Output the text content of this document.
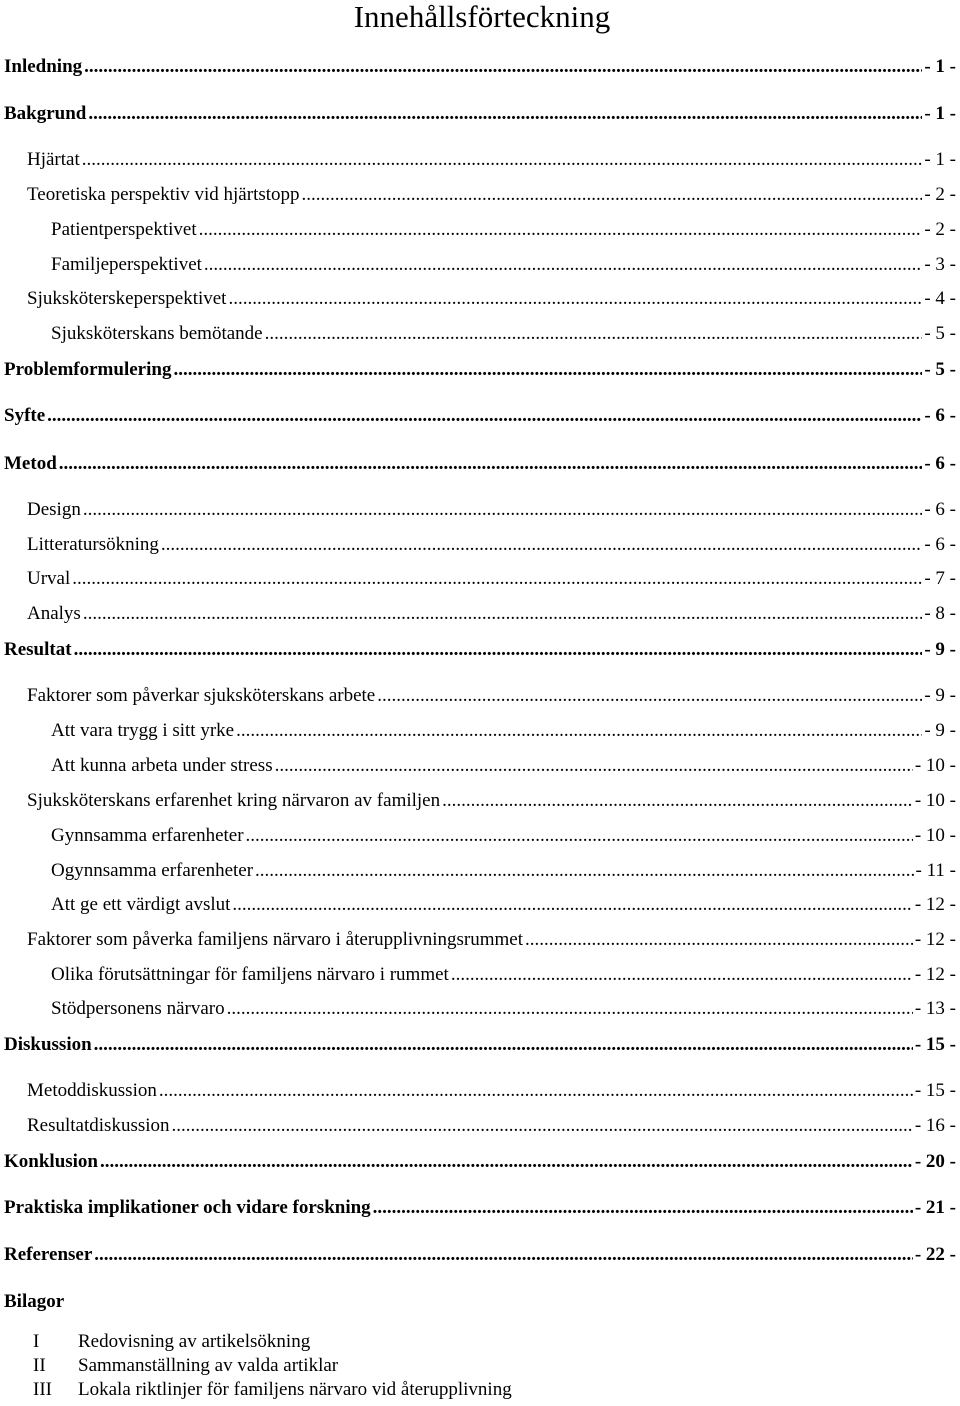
Innehållsförteckning
Inledning .....	- 1 -
Bakgrund .....	- 1 -
Hjärtat .....	- 1 -
Teoretiska perspektiv vid hjärtstopp .....	- 2 -
Patientperspektivet .....	- 2 -
Familjeperspektivet .....	- 3 -
Sjuksköterskeperspektivet .....	- 4 -
Sjuksköterskans bemötande .....	- 5 -
Problemformulering .....	- 5 -
Syfte .....	- 6 -
Metod .....	- 6 -
Design .....	- 6 -
Litteratursökning .....	- 6 -
Urval .....	- 7 -
Analys .....	- 8 -
Resultat .....	- 9 -
Faktorer som påverkar sjuksköterskans arbete .....	- 9 -
Att vara trygg i sitt yrke .....	- 9 -
Att kunna arbeta under stress .....	- 10 -
Sjuksköterskans erfarenhet kring närvaron av familjen .....	- 10 -
Gynnsamma erfarenheter .....	- 10 -
Ogynnsamma erfarenheter .....	- 11 -
Att ge ett värdigt avslut .....	- 12 -
Faktorer som påverka familjens närvaro i återupplivningsrummet .....	- 12 -
Olika förutsättningar för familjens närvaro i rummet .....	- 12 -
Stödpersonens närvaro .....	- 13 -
Diskussion .....	- 15 -
Metoddiskussion .....	- 15 -
Resultatdiskussion .....	- 16 -
Konklusion .....	- 20 -
Praktiska implikationer och vidare forskning .....	- 21 -
Referenser .....	- 22 -
Bilagor
I Redovisning av artikelsökning
II Sammanställning av valda artiklar
III Lokala riktlinjer för familjens närvaro vid återupplivning
